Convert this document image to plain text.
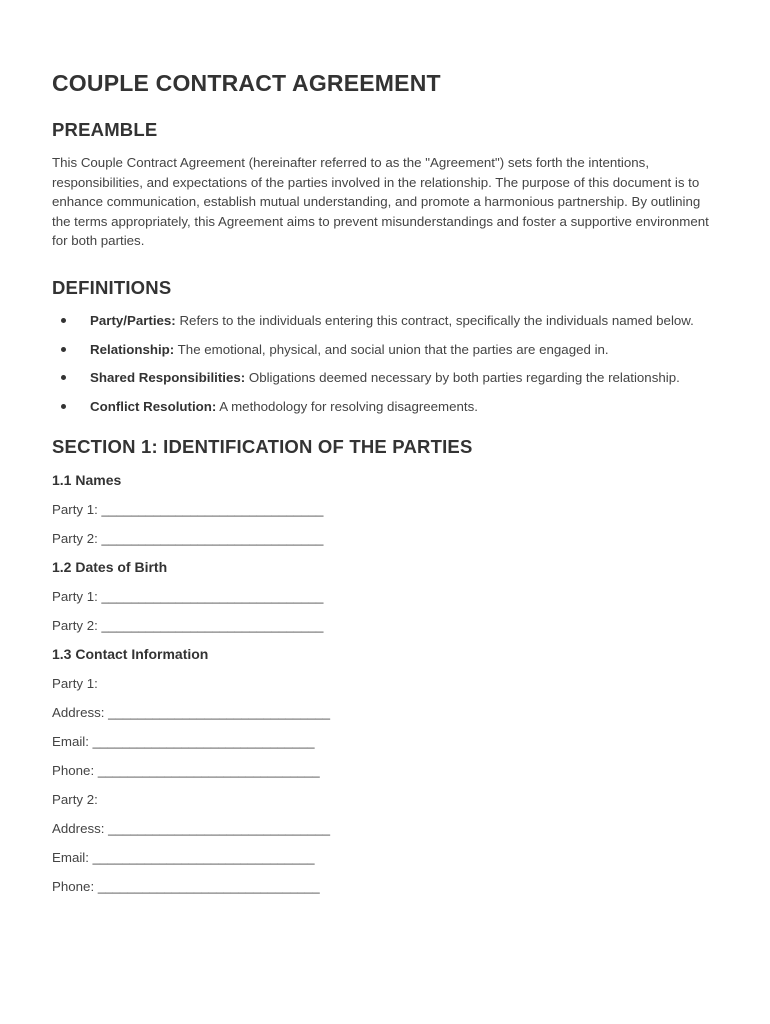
COUPLE CONTRACT AGREEMENT
PREAMBLE

This Couple Contract Agreement (hereinafter referred to as the "Agreement") sets forth the intentions, responsibilities, and expectations of the parties involved in the relationship. The purpose of this document is to enhance communication, establish mutual understanding, and promote a harmonious partnership. By outlining the terms appropriately, this Agreement aims to prevent misunderstandings and foster a supportive environment for both parties.

DEFINITIONS
Party/Parties: Refers to the individuals entering this contract, specifically the individuals named below.
Relationship: The emotional, physical, and social union that the parties are engaged in.
Shared Responsibilities: Obligations deemed necessary by both parties regarding the relationship.
Conflict Resolution: A methodology for resolving disagreements.
SECTION 1: IDENTIFICATION OF THE PARTIES
1.1 Names

Party 1: ______________________________

Party 2: ______________________________

1.2 Dates of Birth

Party 1: ______________________________

Party 2: ______________________________

1.3 Contact Information

Party 1:

Address: ______________________________

Email: ______________________________

Phone: ______________________________

Party 2:

Address: ______________________________

Email: ______________________________

Phone: ______________________________
